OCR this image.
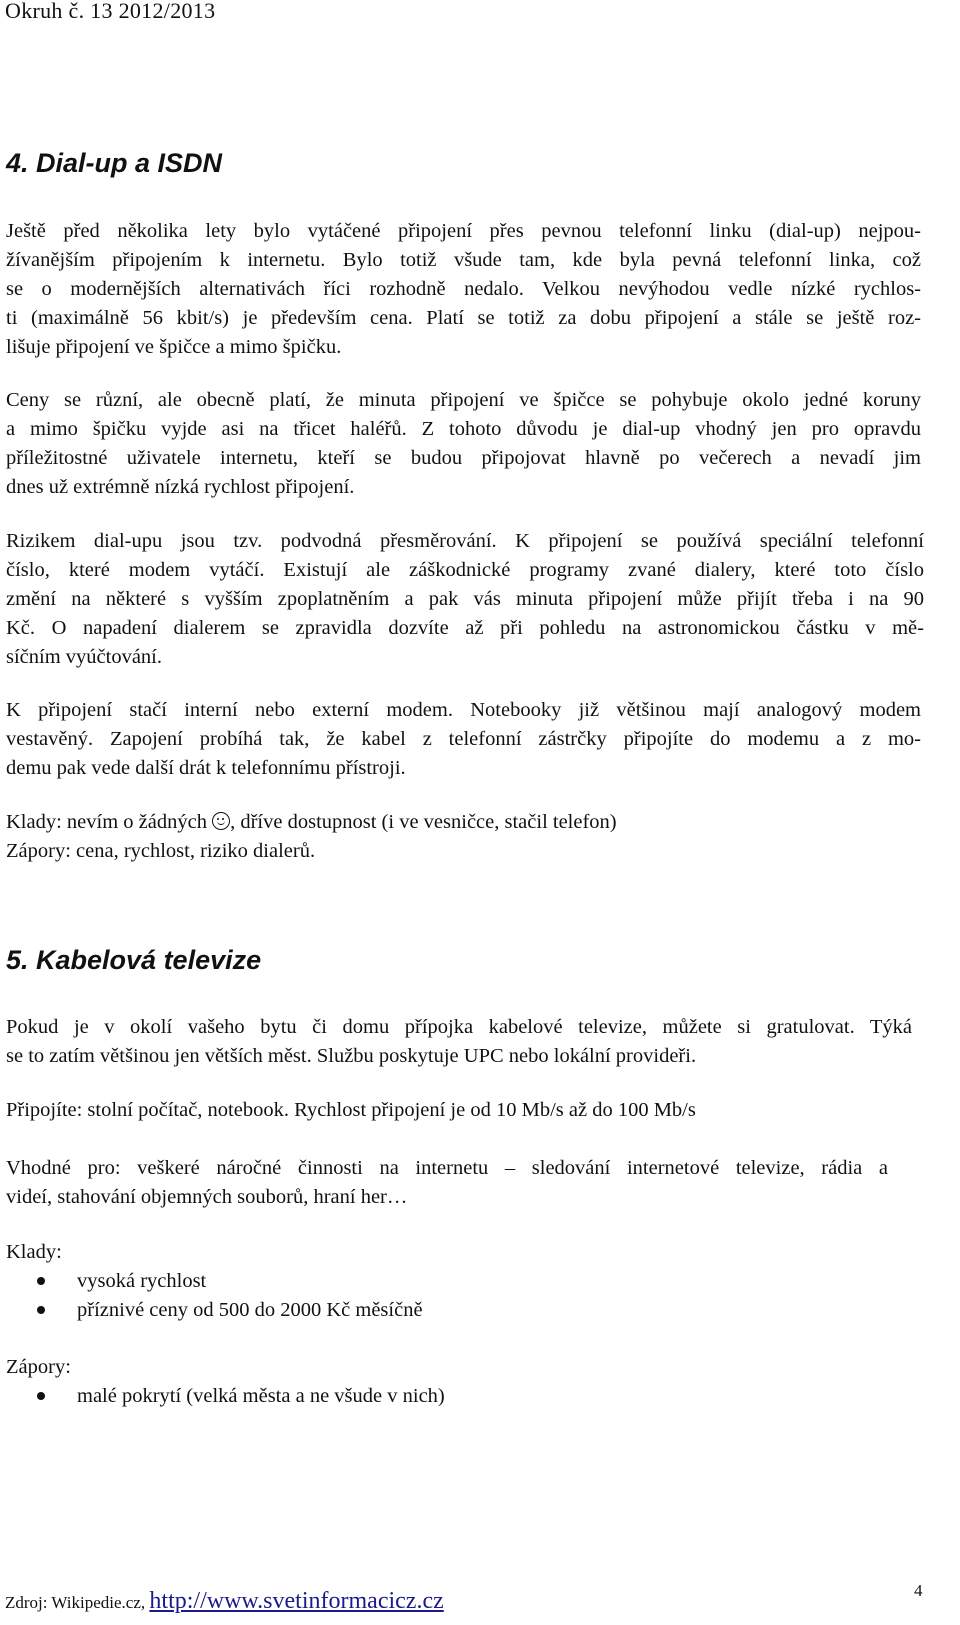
Okruh č. 13 2012/2013
4. Dial-up a ISDN
Ještě před několika lety bylo vytáčené připojení přes pevnou telefonní linku (dial-up) nejpou-
žívanějším připojením k internetu. Bylo totiž všude tam, kde byla pevná telefonní linka, což
se o modernějších alternativách říci rozhodně nedalo. Velkou nevýhodou vedle nízké rychlos-
ti (maximálně 56 kbit/s) je především cena. Platí se totiž za dobu připojení a stále se ještě roz-
lišuje připojení ve špičce a mimo špičku.
Ceny se různí, ale obecně platí, že minuta připojení ve špičce se pohybuje okolo jedné koruny
a mimo špičku vyjde asi na třicet haléřů. Z tohoto důvodu je dial-up vhodný jen pro opravdu
příležitostné uživatele internetu, kteří se budou připojovat hlavně po večerech a nevadí jim
dnes už extrémně nízká rychlost připojení.
Rizikem dial-upu jsou tzv. podvodná přesměrování. K připojení se používá speciální telefonní
číslo, které modem vytáčí. Existují ale záškodnické programy zvané dialery, které toto číslo
změní na některé s vyšším zpoplatněním a pak vás minuta připojení může přijít třeba i na 90
Kč. O napadení dialerem se zpravidla dozvíte až při pohledu na astronomickou částku v mě-
síčním vyúčtování.
K připojení stačí interní nebo externí modem. Notebooky již většinou mají analogový modem
vestavěný. Zapojení probíhá tak, že kabel z telefonní zástrčky připojíte do modemu a z mo-
demu pak vede další drát k telefonnímu přístroji.
Klady: nevím o žádných , dříve dostupnost (i ve vesničce, stačil telefon)
Zápory: cena, rychlost, riziko dialerů.
5. Kabelová televize
Pokud je v okolí vašeho bytu či domu přípojka kabelové televize, můžete si gratulovat. Týká
se to zatím většinou jen větších měst. Službu poskytuje UPC nebo lokální provideři.
Připojíte: stolní počítač, notebook. Rychlost připojení je od 10 Mb/s až do 100 Mb/s
Vhodné pro: veškeré náročné činnosti na internetu – sledování internetové televize, rádia a
videí, stahování objemných souborů, hraní her…
Klady:
vysoká rychlost
příznivé ceny od 500 do 2000 Kč měsíčně
Zápory:
malé pokrytí (velká města a ne všude v nich)
Zdroj: Wikipedie.cz, http://www.svetinformacicz.cz	4
